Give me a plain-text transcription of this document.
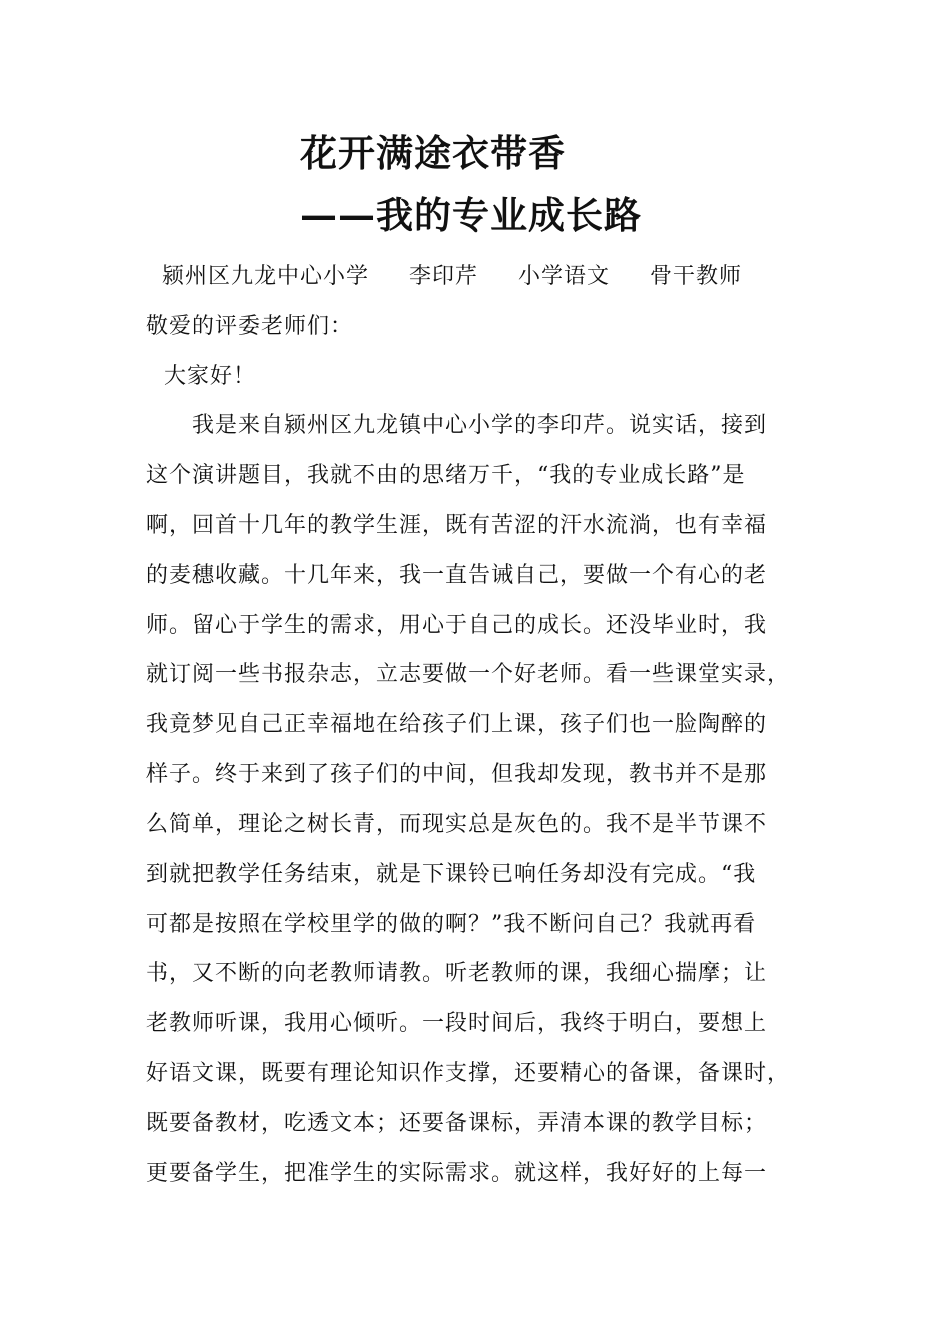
花开满途衣带香
——我的专业成长路
颍州区九龙中心小学 李印芹 小学语文 骨干教师
敬爱的评委老师们：
大家好！
我是来自颍州区九龙镇中心小学的李印芹。说实话，接到
这个演讲题目，我就不由的思绪万千，“我的专业成长路”是
啊，回首十几年的教学生涯，既有苦涩的汗水流淌，也有幸福
的麦穗收藏。十几年来，我一直告诫自己，要做一个有心的老
师。留心于学生的需求，用心于自己的成长。还没毕业时，我
就订阅一些书报杂志，立志要做一个好老师。看一些课堂实录，
我竟梦见自己正幸福地在给孩子们上课，孩子们也一脸陶醉的
样子。终于来到了孩子们的中间，但我却发现，教书并不是那
么简单，理论之树长青，而现实总是灰色的。我不是半节课不
到就把教学任务结束，就是下课铃已响任务却没有完成。“我
可都是按照在学校里学的做的啊？”我不断问自己？我就再看
书，又不断的向老教师请教。听老教师的课，我细心揣摩；让
老教师听课，我用心倾听。一段时间后，我终于明白，要想上
好语文课，既要有理论知识作支撑，还要精心的备课，备课时，
既要备教材，吃透文本；还要备课标，弄清本课的教学目标；
更要备学生，把准学生的实际需求。就这样，我好好的上每一
